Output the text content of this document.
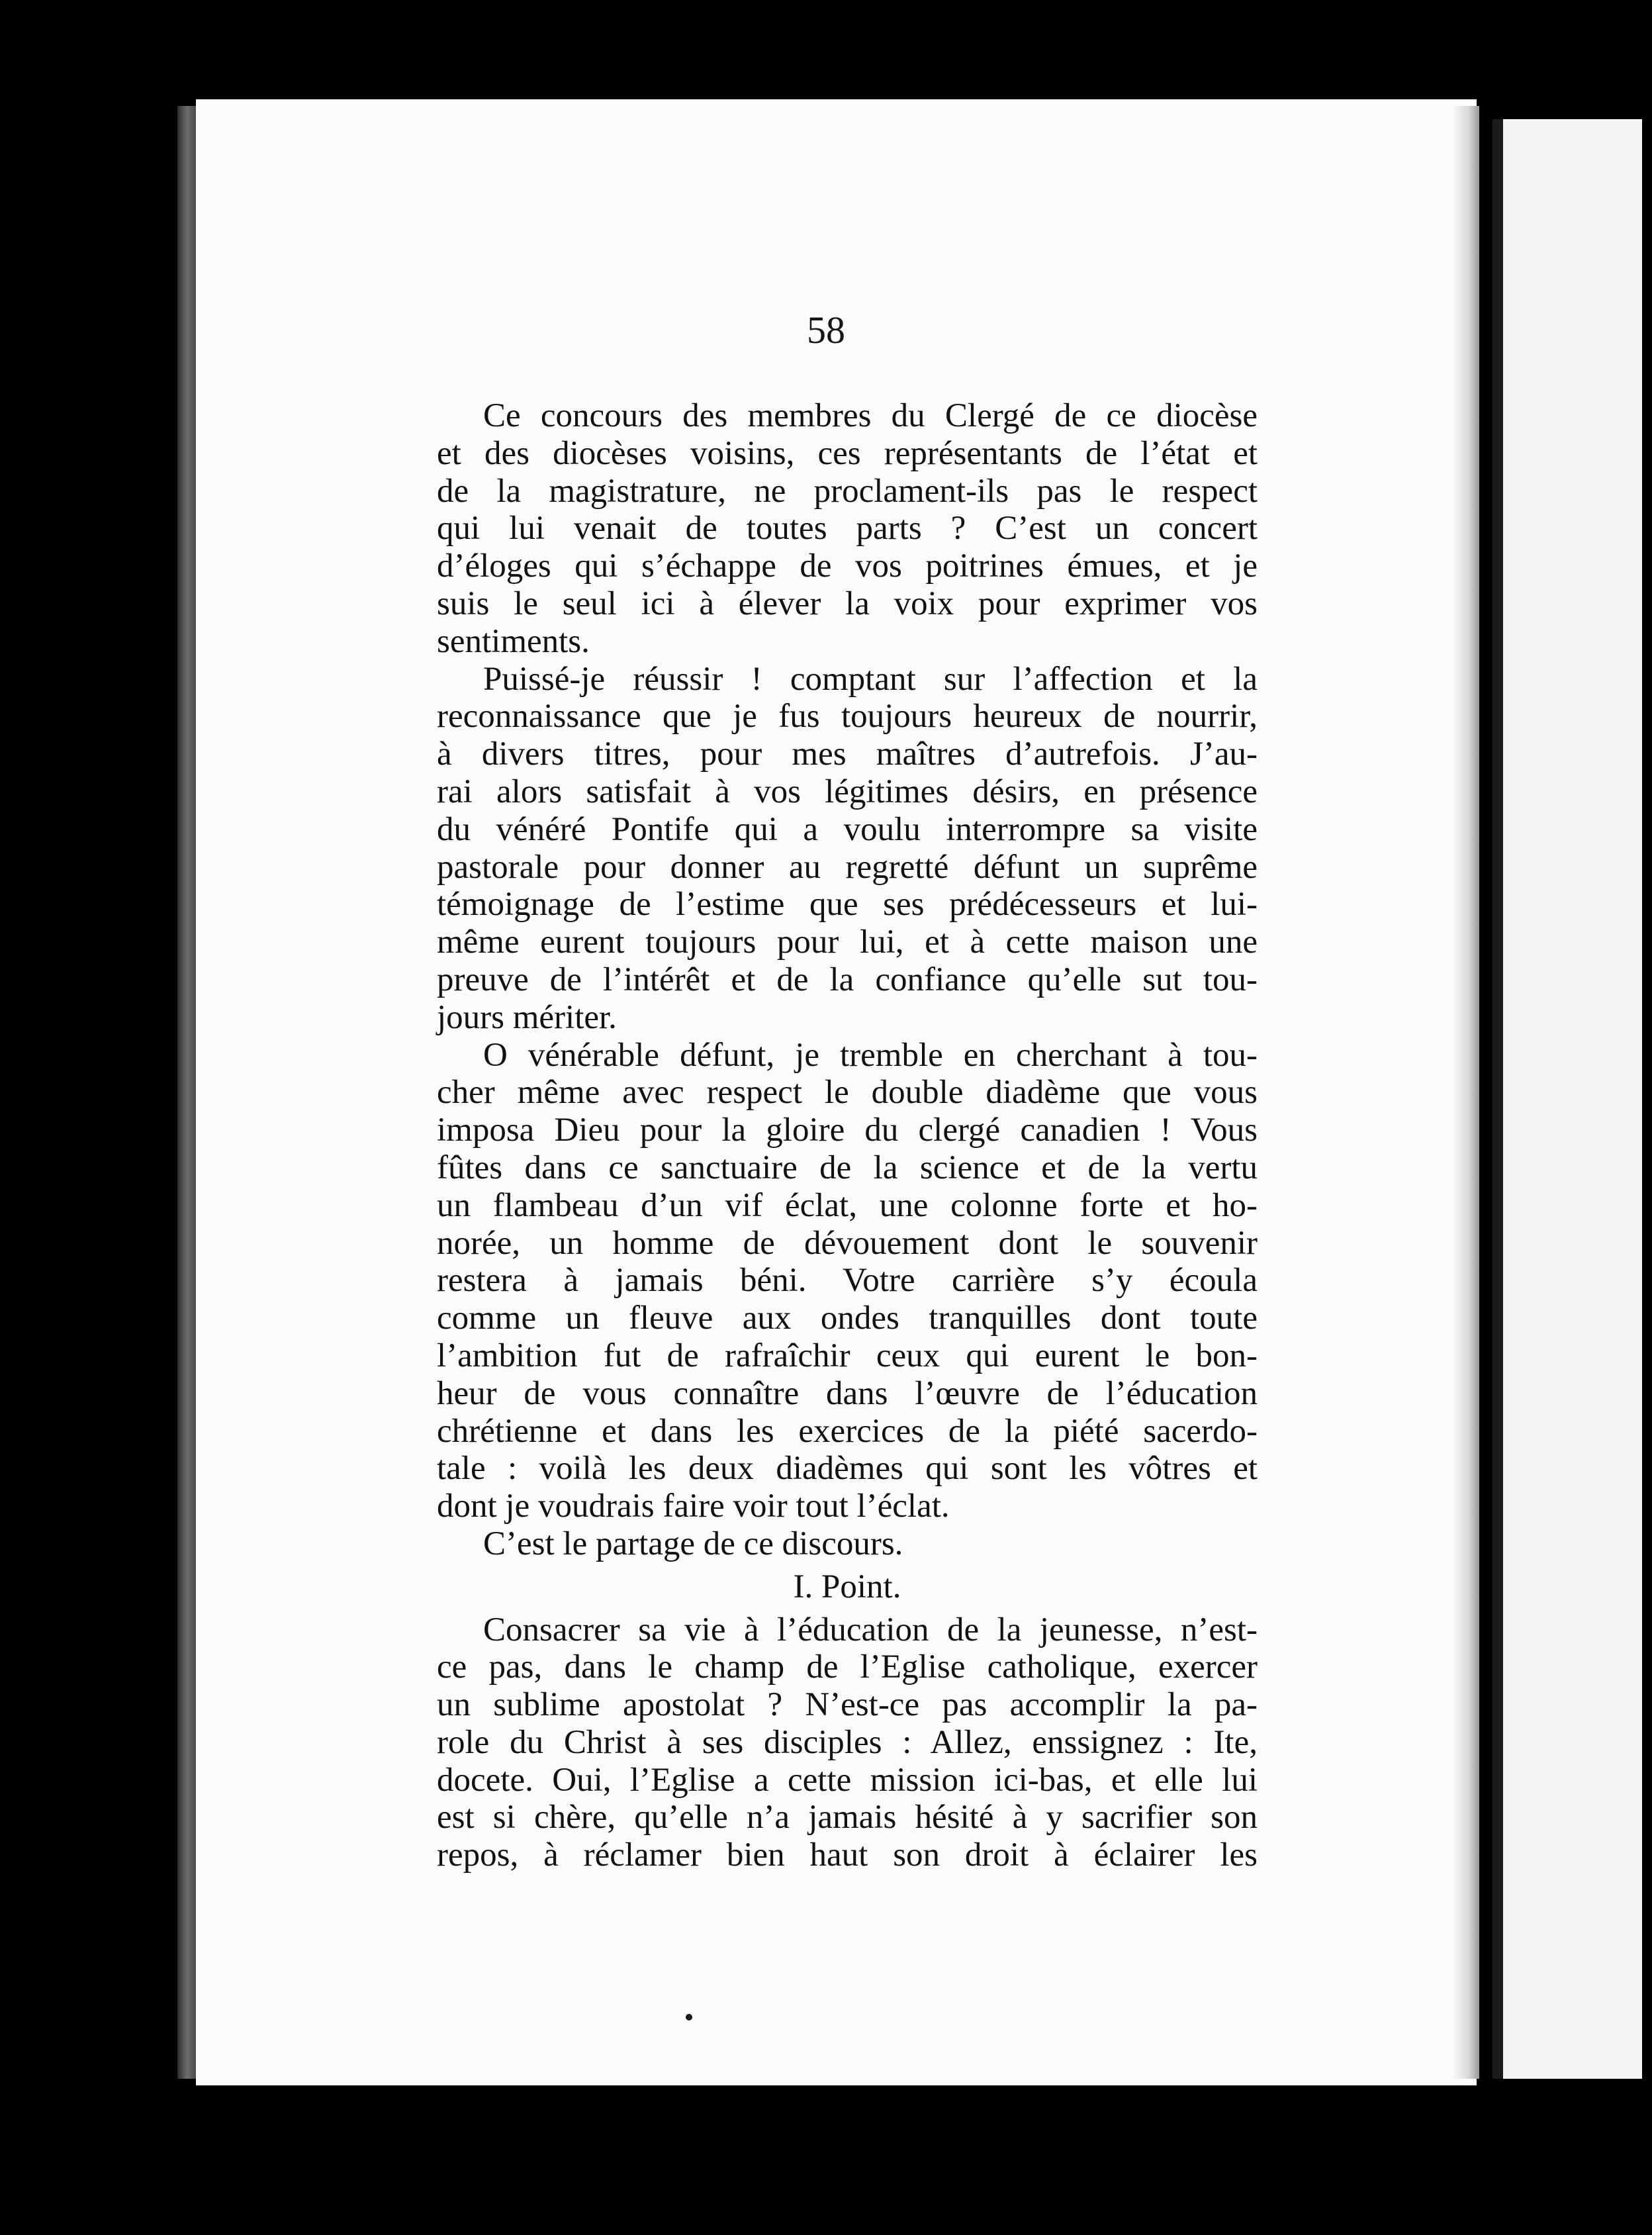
58
Ce concours des membres du Clergé de ce diocèse
et des diocèses voisins, ces représentants de l’état et
de la magistrature, ne proclament-ils pas le respect
qui lui venait de toutes parts ? C’est un concert
d’éloges qui s’échappe de vos poitrines émues, et je
suis le seul ici à élever la voix pour exprimer vos
sentiments.
Puissé-je réussir ! comptant sur l’affection et la
reconnaissance que je fus toujours heureux de nourrir,
à divers titres, pour mes maîtres d’autrefois. J’au-
rai alors satisfait à vos légitimes désirs, en présence
du vénéré Pontife qui a voulu interrompre sa visite
pastorale pour donner au regretté défunt un suprême
témoignage de l’estime que ses prédécesseurs et lui-
même eurent toujours pour lui, et à cette maison une
preuve de l’intérêt et de la confiance qu’elle sut tou-
jours mériter.
O vénérable défunt, je tremble en cherchant à tou-
cher même avec respect le double diadème que vous
imposa Dieu pour la gloire du clergé canadien ! Vous
fûtes dans ce sanctuaire de la science et de la vertu
un flambeau d’un vif éclat, une colonne forte et ho-
norée, un homme de dévouement dont le souvenir
restera à jamais béni. Votre carrière s’y écoula
comme un fleuve aux ondes tranquilles dont toute
l’ambition fut de rafraîchir ceux qui eurent le bon-
heur de vous connaître dans l’œuvre de l’éducation
chrétienne et dans les exercices de la piété sacerdo-
tale : voilà les deux diadèmes qui sont les vôtres et
dont je voudrais faire voir tout l’éclat.
C’est le partage de ce discours.
I. Point.
Consacrer sa vie à l’éducation de la jeunesse, n’est-
ce pas, dans le champ de l’Eglise catholique, exercer
un sublime apostolat ? N’est-ce pas accomplir la pa-
role du Christ à ses disciples : Allez, enssignez : Ite,
docete. Oui, l’Eglise a cette mission ici-bas, et elle lui
est si chère, qu’elle n’a jamais hésité à y sacrifier son
repos, à réclamer bien haut son droit à éclairer les
